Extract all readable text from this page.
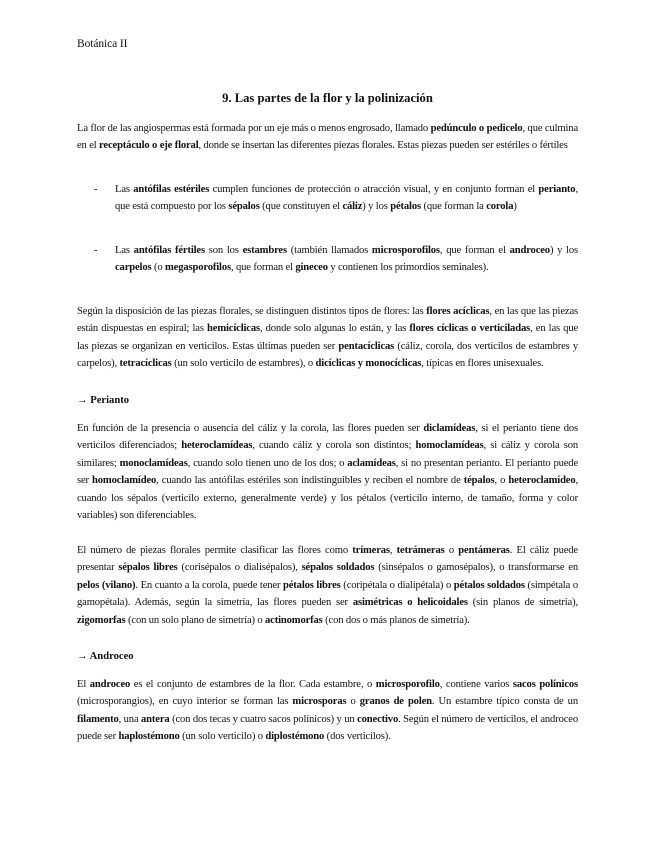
Botánica II
9. Las partes de la flor y la polinización
La flor de las angiospermas está formada por un eje más o menos engrosado, llamado pedúnculo o pedicelo, que culmina en el receptáculo o eje floral, donde se insertan las diferentes piezas florales. Estas piezas pueden ser estériles o fértiles
-	Las antófilas estériles cumplen funciones de protección o atracción visual, y en conjunto forman el perianto, que está compuesto por los sépalos (que constituyen el cáliz) y los pétalos (que forman la corola)
-	Las antófilas fértiles son los estambres (también llamados microsporofilos, que forman el androceo) y los carpelos (o megasporofilos, que forman el gineceo y contienen los primordios seminales).
Según la disposición de las piezas florales, se distinguen distintos tipos de flores: las flores acíclicas, en las que las piezas están dispuestas en espiral; las hemicíclicas, donde solo algunas lo están, y las flores cíclicas o verticiladas, en las que las piezas se organizan en verticilos. Estas últimas pueden ser pentacíclicas (cáliz, corola, dos verticilos de estambres y carpelos), tetracíclicas (un solo verticilo de estambres), o dicíclicas y monocíclicas, típicas en flores unisexuales.
→ Perianto
En función de la presencia o ausencia del cáliz y la corola, las flores pueden ser diclamídeas, si el perianto tiene dos verticilos diferenciados; heteroclamídeas, cuando cáliz y corola son distintos; homoclamídeas, si cáliz y corola son similares; monoclamídeas, cuando solo tienen uno de los dos; o aclamídeas, si no presentan perianto. El perianto puede ser homoclamídeo, cuando las antófilas estériles son indistinguibles y reciben el nombre de tépalos, o heteroclamídeo, cuando los sépalos (verticilo externo, generalmente verde) y los pétalos (verticilo interno, de tamaño, forma y color variables) son diferenciables.
El número de piezas florales permite clasificar las flores como trímeras, tetrámeras o pentámeras. El cáliz puede presentar sépalos libres (corisépalos o dialisépalos), sépalos soldados (sinsépalos o gamosépalos), o transformarse en pelos (vilano). En cuanto a la corola, puede tener pétalos libres (coripétala o dialipétala) o pétalos soldados (simpétala o gamopétala). Además, según la simetría, las flores pueden ser asimétricas o helicoidales (sin planos de simetría), zigomorfas (con un solo plano de simetría) o actinomorfas (con dos o más planos de simetría).
→ Androceo
El androceo es el conjunto de estambres de la flor. Cada estambre, o microsporofilo, contiene varios sacos polínicos (microsporangios), en cuyo interior se forman las microsporas o granos de polen. Un estambre típico consta de un filamento, una antera (con dos tecas y cuatro sacos polínicos) y un conectivo. Según el número de verticilos, el androceo puede ser haplostémono (un solo verticilo) o diplostémono (dos verticilos).
